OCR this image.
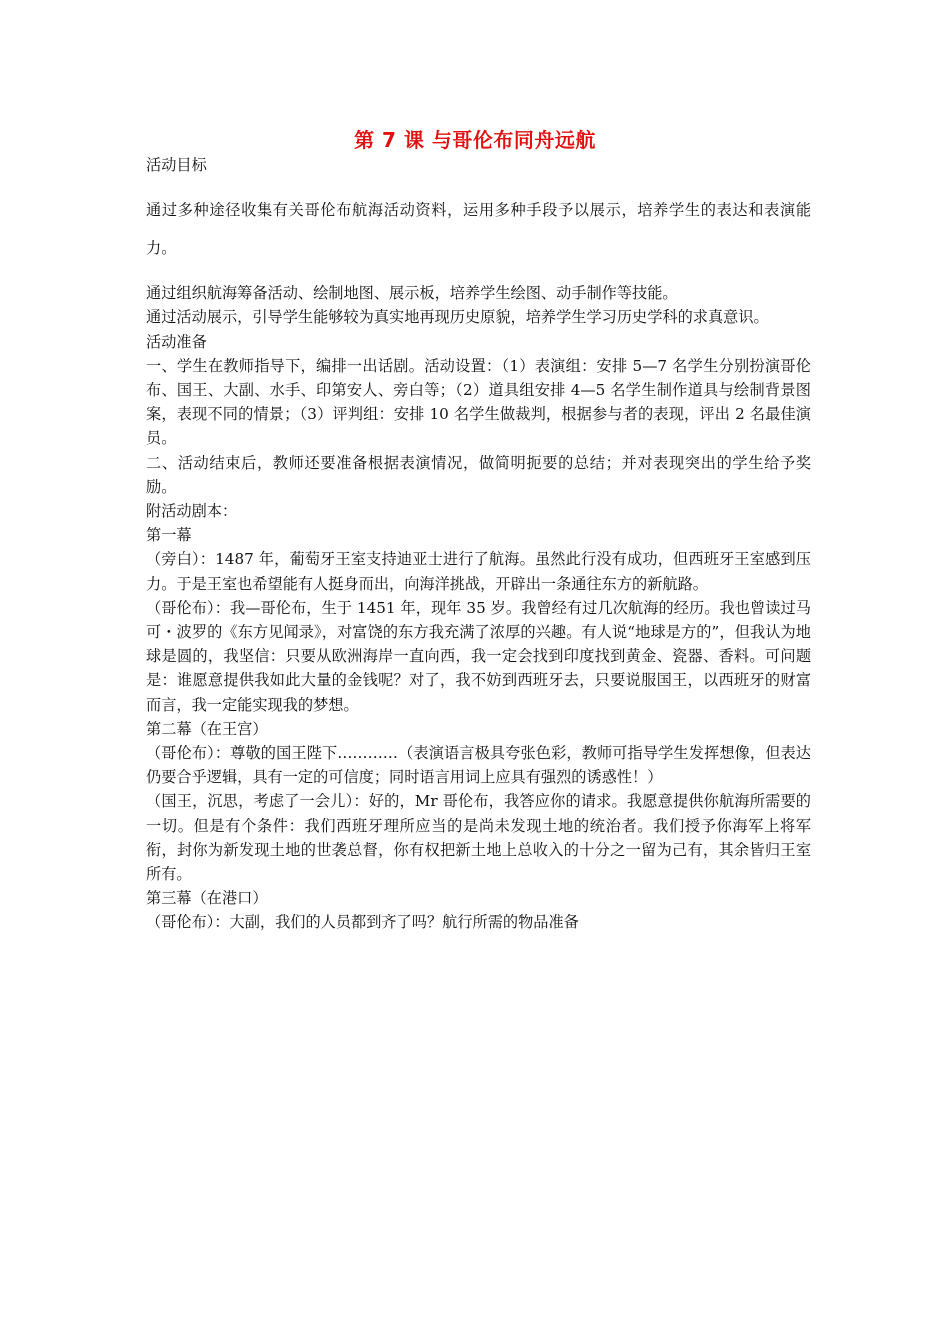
第 7 课 与哥伦布同舟远航

活动目标

通过多种途径收集有关哥伦布航海活动资料，运用多种手段予以展示，培养学生的表达和表演能力。

通过组织航海筹备活动、绘制地图、展示板，培养学生绘图、动手制作等技能。

通过活动展示，引导学生能够较为真实地再现历史原貌，培养学生学习历史学科的求真意识。

活动准备

一、学生在教师指导下，编排一出话剧。活动设置：（1）表演组：安排 5—7 名学生分别扮演哥伦布、国王、大副、水手、印第安人、旁白等；（2）道具组安排 4—5 名学生制作道具与绘制背景图案，表现不同的情景；（3）评判组：安排 10 名学生做裁判，根据参与者的表现，评出 2 名最佳演员。

二、活动结束后，教师还要准备根据表演情况，做简明扼要的总结；并对表现突出的学生给予奖励。

附活动剧本：

第一幕

（旁白）：1487 年，葡萄牙王室支持迪亚士进行了航海。虽然此行没有成功，但西班牙王室感到压力。于是王室也希望能有人挺身而出，向海洋挑战，开辟出一条通往东方的新航路。

（哥伦布）：我—哥伦布，生于 1451 年，现年 35 岁。我曾经有过几次航海的经历。我也曾读过马可・波罗的《东方见闻录》，对富饶的东方我充满了浓厚的兴趣。有人说“地球是方的”，但我认为地球是圆的，我坚信：只要从欧洲海岸一直向西，我一定会找到印度找到黄金、瓷器、香料。可问题是：谁愿意提供我如此大量的金钱呢？对了，我不妨到西班牙去，只要说服国王，以西班牙的财富而言，我一定能实现我的梦想。

第二幕（在王宫）

（哥伦布）：尊敬的国王陛下…………（表演语言极具夸张色彩，教师可指导学生发挥想像，但表达仍要合乎逻辑，具有一定的可信度；同时语言用词上应具有强烈的诱惑性！）

（国王，沉思，考虑了一会儿）：好的，Mr 哥伦布，我答应你的请求。我愿意提供你航海所需要的一切。但是有个条件：我们西班牙理所应当的是尚未发现土地的统治者。我们授予你海军上将军衔，封你为新发现土地的世袭总督，你有权把新土地上总收入的十分之一留为己有，其余皆归王室所有。

第三幕（在港口）

（哥伦布）：大副，我们的人员都到齐了吗？航行所需的物品准备
